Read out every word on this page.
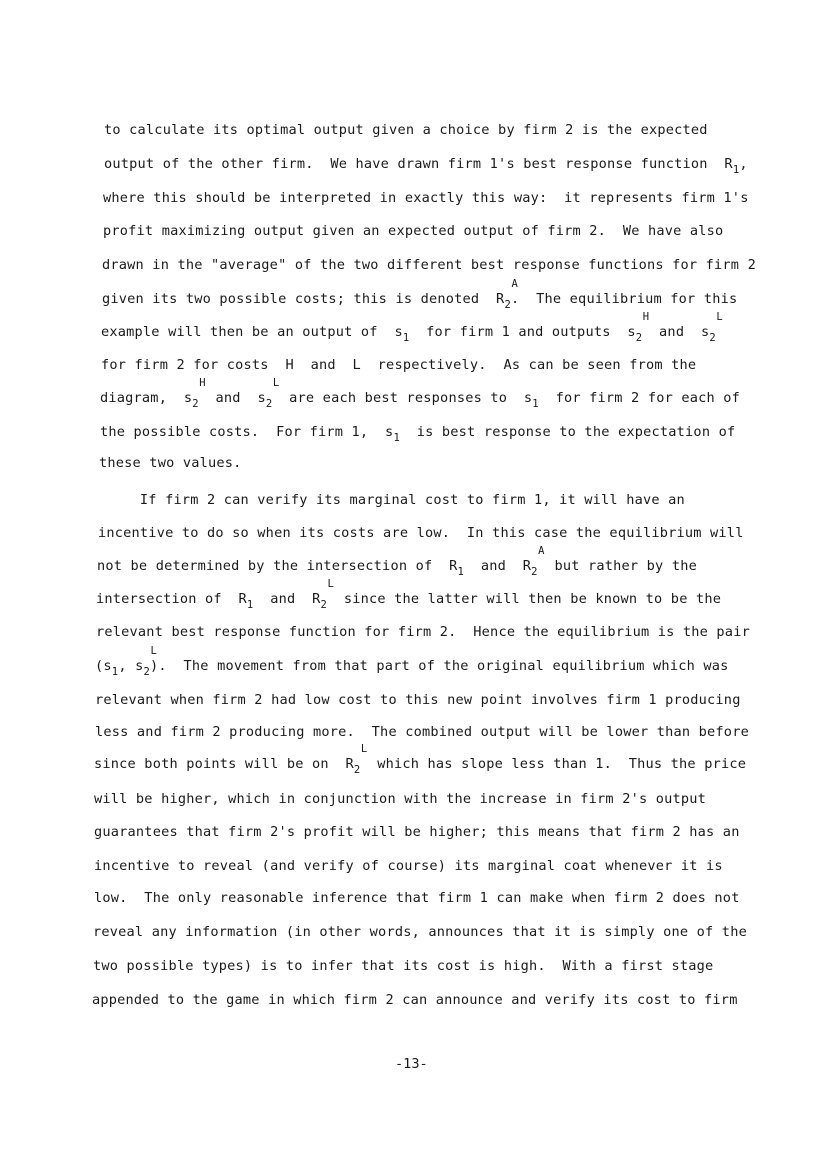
to calculate its optimal output given a choice by firm 2 is the expected
output of the other firm.  We have drawn firm 1's best response function  $R_1$,
where this should be interpreted in exactly this way:  it represents firm 1's
profit maximizing output given an expected output of firm 2.  We have also
drawn in the "average" of the two different best response functions for firm 2
given its two possible costs; this is denoted  $R_2$
A
.  The equilibrium for this
example will then be an output of  $s_1$  for firm 1 and outputs  $s_2$
H
and  $s_2$
L
for firm 2 for costs  H  and  L  respectively.  As can be seen from the
diagram,  $s_2$
H
and  $s_2$
L
are each best responses to  $s_1$  for firm 2 for each of
the possible costs.  For firm 1,  $s_1$  is best response to the expectation of
these two values.
If firm 2 can verify its marginal cost to firm 1, it will have an
incentive to do so when its costs are low.  In this case the equilibrium will
not be determined by the intersection of  $R_1$  and  $R_2$
A
but rather by the
intersection of  $R_1$  and  $R_2$
L
since the latter will then be known to be the
relevant best response function for firm 2.  Hence the equilibrium is the pair
($s_1$, $s_2$
L
).  The movement from that part of the original equilibrium which was
relevant when firm 2 had low cost to this new point involves firm 1 producing
less and firm 2 producing more.  The combined output will be lower than before
since both points will be on  $R_2$
L
which has slope less than 1.  Thus the price
will be higher, which in conjunction with the increase in firm 2's output
guarantees that firm 2's profit will be higher; this means that firm 2 has an
incentive to reveal (and verify of course) its marginal coat whenever it is
low.  The only reasonable inference that firm 1 can make when firm 2 does not
reveal any information (in other words, announces that it is simply one of the
two possible types) is to infer that its cost is high.  With a first stage
appended to the game in which firm 2 can announce and verify its cost to firm
-13-
